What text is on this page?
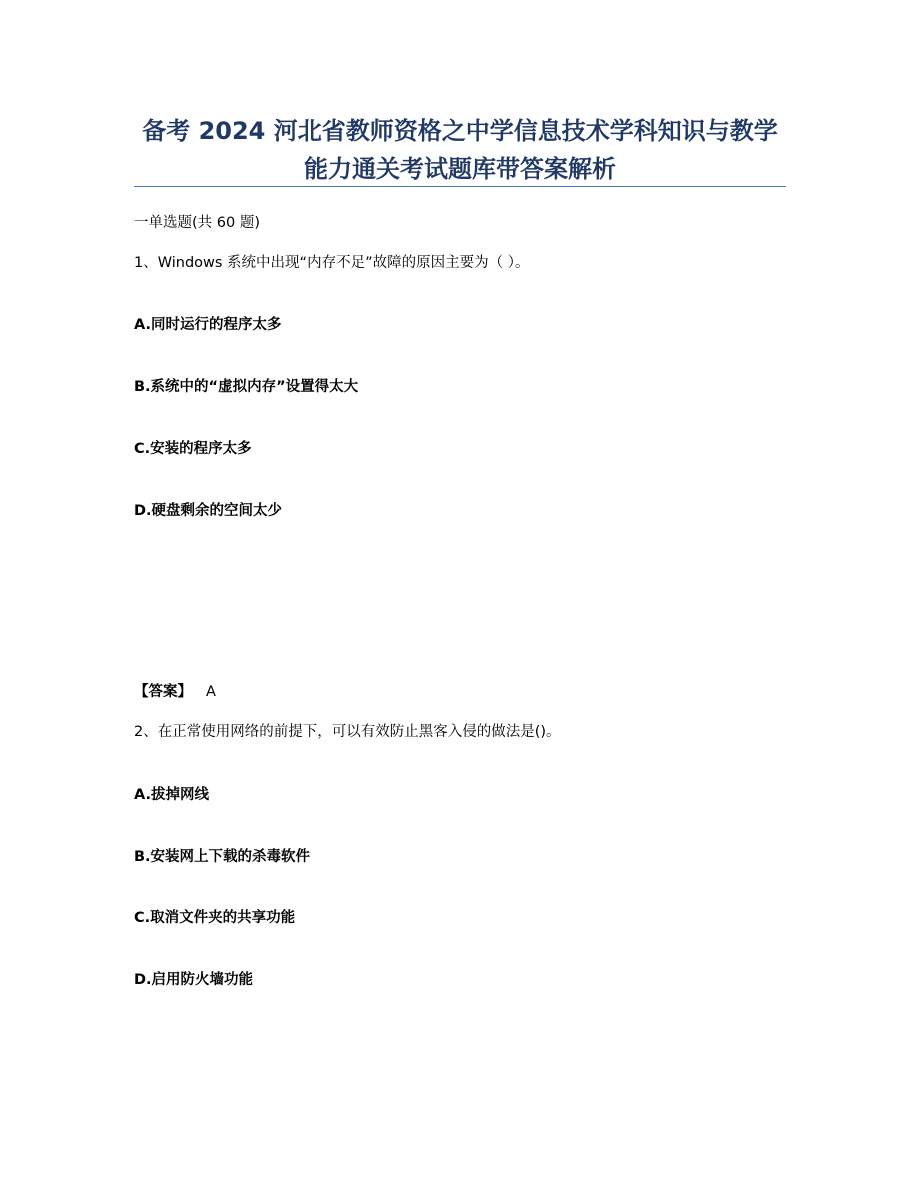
备考 2024 河北省教师资格之中学信息技术学科知识与教学
能力通关考试题库带答案解析
一单选题(共 60 题)
1、Windows 系统中出现“内存不足”故障的原因主要为（ ）。
A.同时运行的程序太多
B.系统中的“虚拟内存”设置得太大
C.安装的程序太多
D.硬盘剩余的空间太少
【答案】 A
2、在正常使用网络的前提下，可以有效防止黑客入侵的做法是()。
A.拔掉网线
B.安装网上下载的杀毒软件
C.取消文件夹的共享功能
D.启用防火墙功能
